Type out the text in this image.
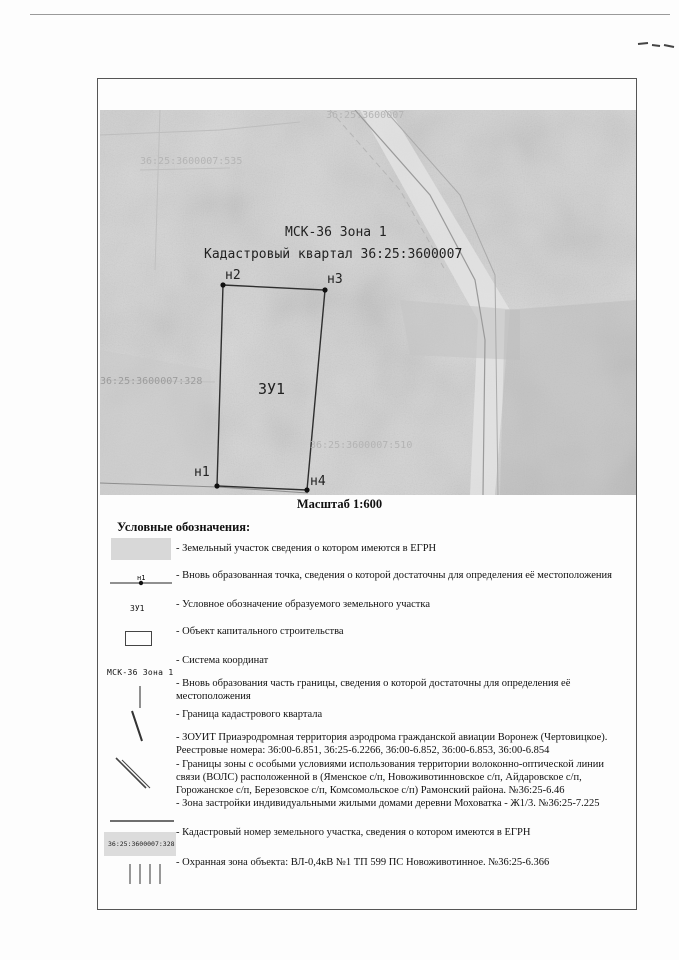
36:25:3600007
36:25:3600007:535
36:25:3600007:328
36:25:3600007:510
МСК-36 Зона 1
Кадастровый квартал 36:25:3600007
н2	н3
ЗУ1
н1
н4
Масштаб 1:600
Условные обозначения:
н1
ЗУ1
МСК-36 Зона 1
36:25:3600007:328
- Земельный участок сведения о котором имеются в ЕГРН
- Вновь образованная точка, сведения о которой достаточны для определения её местоположения
- Условное обозначение образуемого земельного участка
- Объект капитального строительства
- Система координат
- Вновь образования часть границы, сведения о которой достаточны для определения её местоположения
- Граница кадастрового квартала
- ЗОУИТ Приаэродромная территория аэродрома гражданской авиации Воронеж (Чертовицкое). Реестровые номера: 36:00-6.851, 36:25-6.2266, 36:00-6.852, 36:00-6.853, 36:00-6.854
- Границы зоны с особыми условиями использования территории волоконно-оптической линии связи (ВОЛС) расположенной в (Яменское с/п, Новоживотинновское с/п, Айдаровское с/п, Горожанское с/п, Березовское с/п, Комсомольское с/п) Рамонский района. №36:25-6.46
- Зона застройки индивидуальными жилыми домами деревни Моховатка - Ж1/3. №36:25-7.225
- Кадастровый номер земельного участка, сведения о котором имеются в ЕГРН
- Охранная зона объекта: ВЛ-0,4кВ №1 ТП 599 ПС Новоживотинное. №36:25-6.366
